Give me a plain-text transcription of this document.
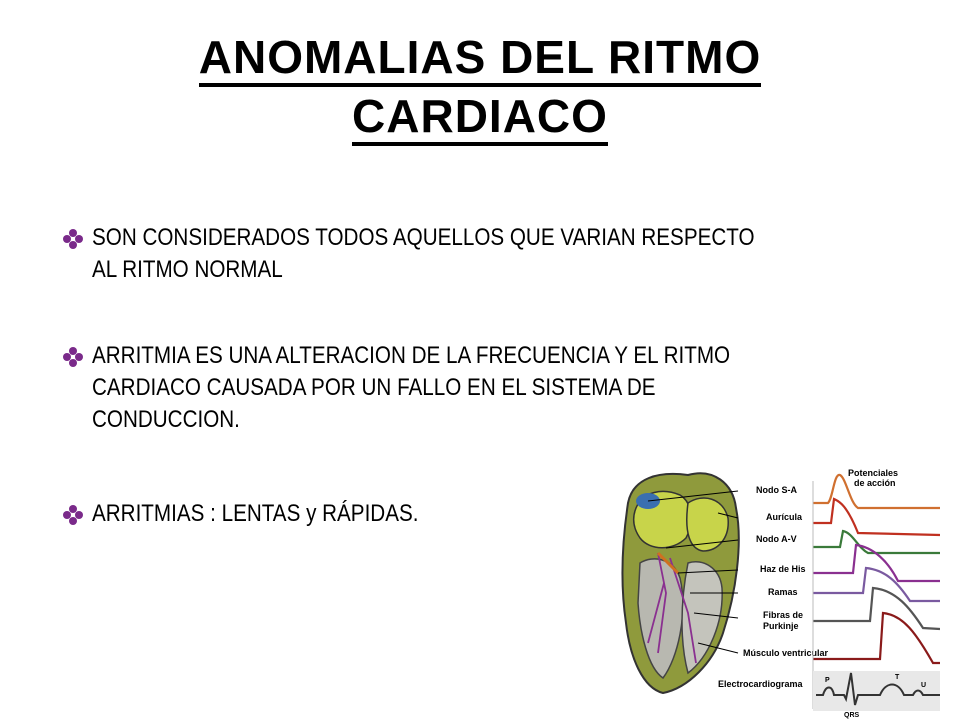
ANOMALIAS DEL RITMO
CARDIACO
SON CONSIDERADOS TODOS AQUELLOS QUE VARIAN RESPECTO
AL RITMO NORMAL
ARRITMIA ES UNA ALTERACION DE LA FRECUENCIA Y EL RITMO
CARDIACO CAUSADA POR UN FALLO EN EL SISTEMA DE
CONDUCCION.
ARRITMIAS : LENTAS y RÁPIDAS.
Potenciales
de acción
Nodo S-A
Aurícula
Nodo A-V
Haz de His
Ramas
Fibras de
Purkinje
Músculo ventricular
Electrocardiograma	P
QRS
T
U
